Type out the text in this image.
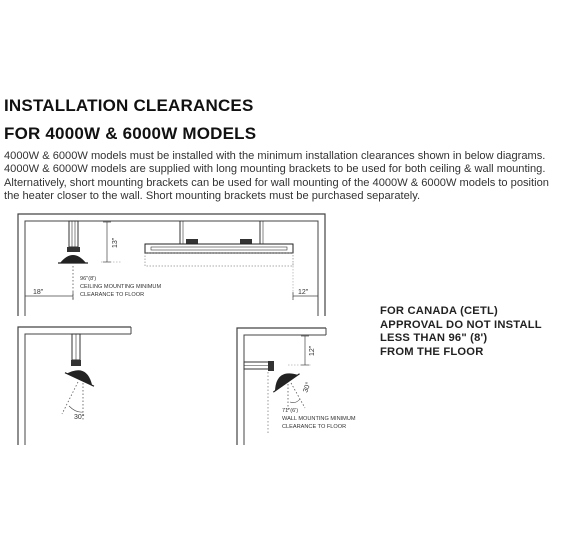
INSTALLATION CLEARANCES
FOR 4000W & 6000W MODELS
4000W & 6000W models must be installed with the minimum installation clearances shown in below diagrams. 4000W & 6000W models are supplied with long mounting brackets to be used for both ceiling & wall mounting. Alternatively, short mounting brackets can be used for wall mounting of the 4000W & 6000W models to position the heater closer to the wall. Short mounting brackets must be purchased separately.
13"
96"(8')
CEILING MOUNTING MINIMUM
CLEARANCE TO FLOOR
18"	12"
30°
12"
30°
71"(6')
WALL MOUNTING MINIMUM
CLEARANCE TO FLOOR
FOR CANADA (CETL)
APPROVAL DO NOT INSTALL
LESS THAN 96" (8')
FROM THE FLOOR
